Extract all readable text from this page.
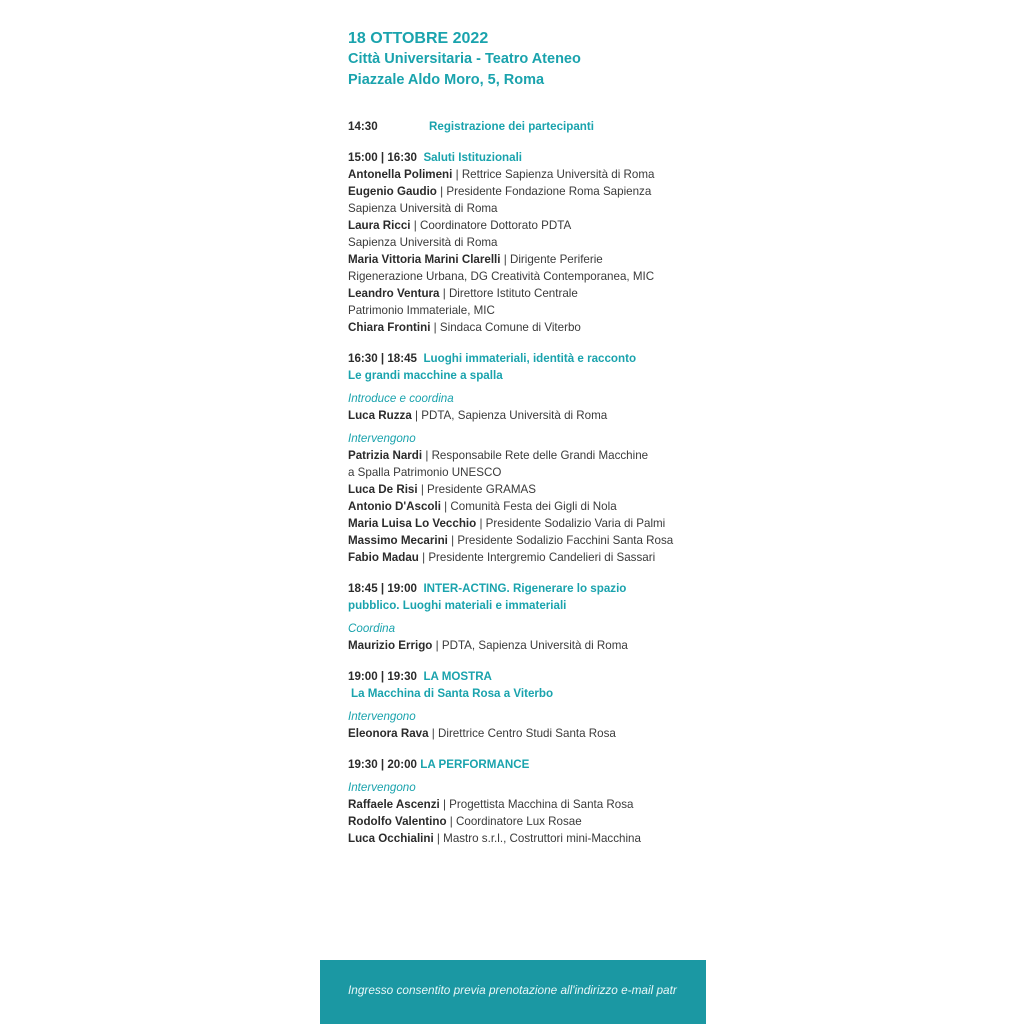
18 OTTOBRE 2022
Città Universitaria - Teatro Ateneo
Piazzale Aldo Moro, 5, Roma
14:30	Registrazione dei partecipanti
15:00 | 16:30 Saluti Istituzionali
Antonella Polimeni | Rettrice Sapienza Università di Roma
Eugenio Gaudio | Presidente Fondazione Roma Sapienza
Sapienza Università di Roma
Laura Ricci | Coordinatore Dottorato PDTA
Sapienza Università di Roma
Maria Vittoria Marini Clarelli | Dirigente Periferie
Rigenerazione Urbana, DG Creatività Contemporanea, MIC
Leandro Ventura | Direttore Istituto Centrale
Patrimonio Immateriale, MIC
Chiara Frontini | Sindaca Comune di Viterbo
16:30 | 18:45 Luoghi immateriali, identità e racconto
Le grandi macchine a spalla
Introduce e coordina
Luca Ruzza | PDTA, Sapienza Università di Roma
Intervengono
Patrizia Nardi | Responsabile Rete delle Grandi Macchine
a Spalla Patrimonio UNESCO
Luca De Risi | Presidente GRAMAS
Antonio D'Ascoli | Comunità Festa dei Gigli di Nola
Maria Luisa Lo Vecchio | Presidente Sodalizio Varia di Palmi
Massimo Mecarini | Presidente Sodalizio Facchini Santa Rosa
Fabio Madau | Presidente Intergremio Candelieri di Sassari
18:45 | 19:00 INTER-ACTING. Rigenerare lo spazio
pubblico. Luoghi materiali e immateriali
Coordina
Maurizio Errigo | PDTA, Sapienza Università di Roma
19:00 | 19:30 LA MOSTRA
La Macchina di Santa Rosa a Viterbo
Intervengono
Eleonora Rava | Direttrice Centro Studi Santa Rosa
19:30 | 20:00 LA PERFORMANCE
Intervengono
Raffaele Ascenzi | Progettista Macchina di Santa Rosa
Rodolfo Valentino | Coordinatore Lux Rosae
Luca Occhialini | Mastro s.r.l., Costruttori mini-Macchina
Ingresso consentito previa prenotazione all'indirizzo e-mail patr
